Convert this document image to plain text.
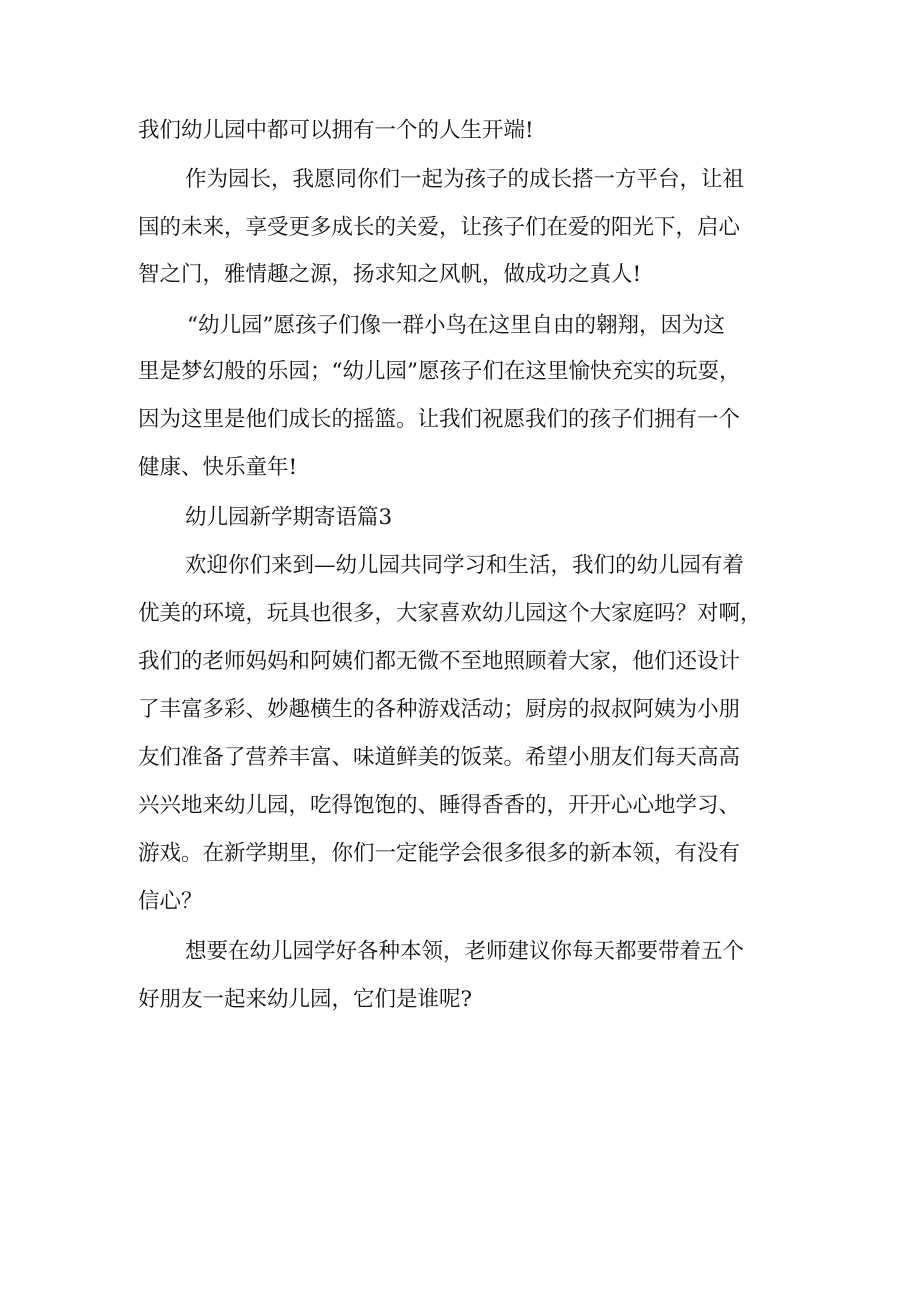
我们幼儿园中都可以拥有一个的人生开端!

作为园长，我愿同你们一起为孩子的成长搭一方平台，让祖

国的未来，享受更多成长的关爱，让孩子们在爱的阳光下，启心

智之门，雅情趣之源，扬求知之风帆，做成功之真人!

“幼儿园”愿孩子们像一群小鸟在这里自由的翱翔，因为这

里是梦幻般的乐园；“幼儿园”愿孩子们在这里愉快充实的玩耍，

因为这里是他们成长的摇篮。让我们祝愿我们的孩子们拥有一个

健康、快乐童年!

幼儿园新学期寄语篇3

欢迎你们来到—幼儿园共同学习和生活，我们的幼儿园有着

优美的环境，玩具也很多，大家喜欢幼儿园这个大家庭吗？对啊，

我们的老师妈妈和阿姨们都无微不至地照顾着大家，他们还设计

了丰富多彩、妙趣横生的各种游戏活动；厨房的叔叔阿姨为小朋

友们准备了营养丰富、味道鲜美的饭菜。希望小朋友们每天高高

兴兴地来幼儿园，吃得饱饱的、睡得香香的，开开心心地学习、

游戏。在新学期里，你们一定能学会很多很多的新本领，有没有

信心？

想要在幼儿园学好各种本领，老师建议你每天都要带着五个

好朋友一起来幼儿园，它们是谁呢?
